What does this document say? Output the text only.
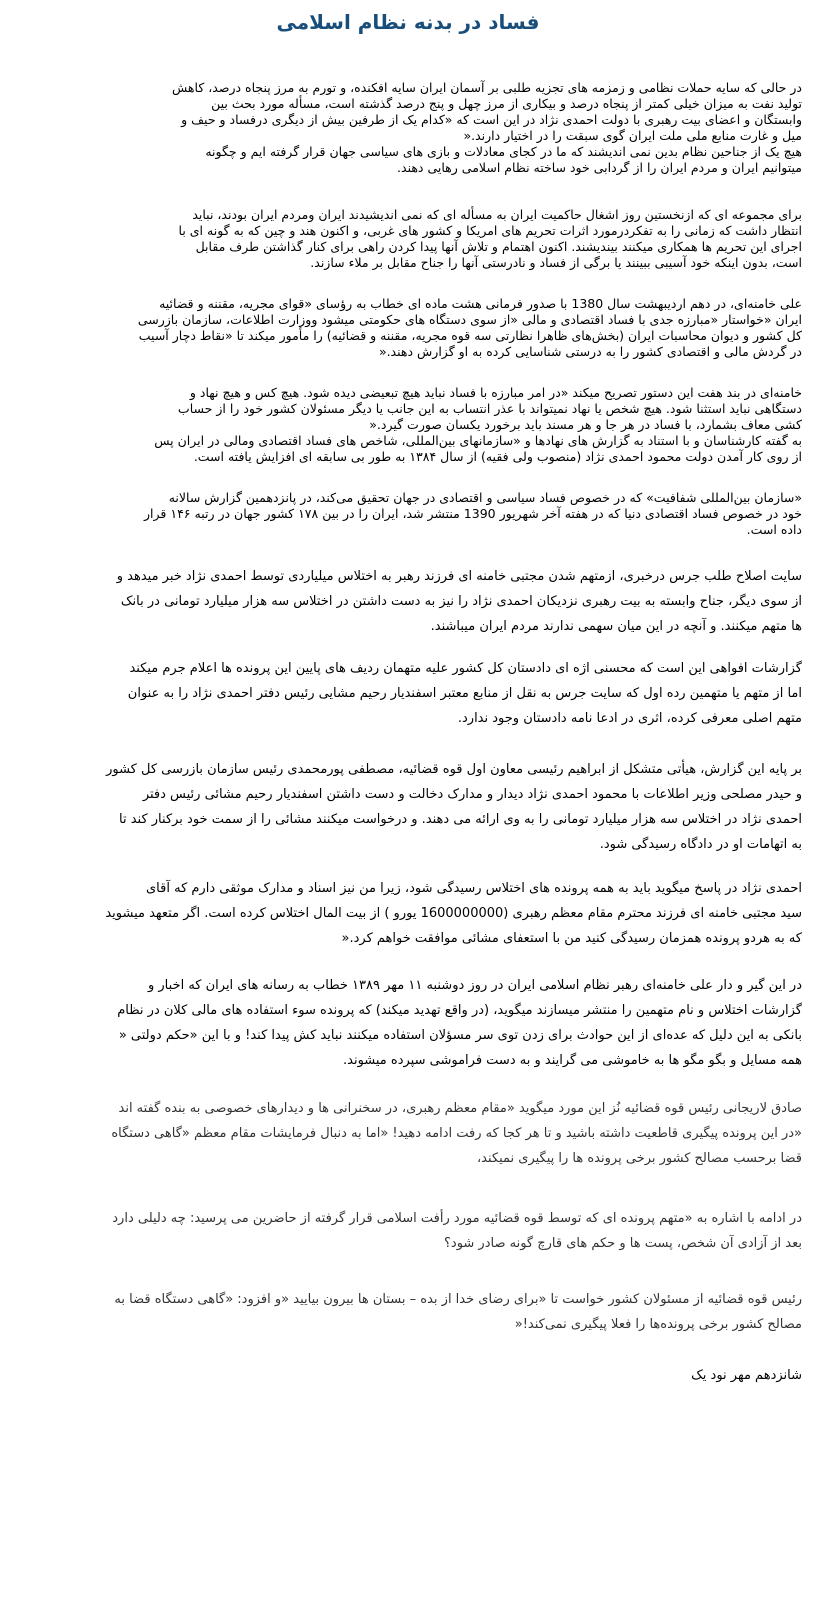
فساد در بدنه نظام اسلامی

در حالی که سایه حملات نظامی و زمزمه های تجزیه طلبی بر آسمان ایران سایه افکنده، و تورم به مرز پنجاه درصد، کاهش
تولید نفت به میزان خیلی کمتر از پنجاه درصد و بیکاری از مرز چهل و پنج درصد گذشته است، مسأله مورد بحث بین
وابستگان و اعضای بیت رهبری با دولت احمدی نژاد در این است که «کدام یک از طرفین بیش از دیگری درفساد و حیف و
میل و غارت منابع ملی ملت ایران گوی سبقت را در اختیار دارند.«
هیچ یک از جناحین نظام بدین نمی اندیشند که ما در کجای معادلات و بازی های سیاسی جهان قرار گرفته ایم و چگونه
میتوانیم ایران و مردم ایران را از گردابی خود ساخته نظام اسلامی رهایی دهند.

برای مجموعه ای که ازنخستین روز اشغال حاکمیت ایران به مسأله ای که نمی اندیشیدند ایران ومردم ایران بودند، نباید
انتظار داشت که زمانی را به تفکردرمورد اثرات تحریم های امریکا و کشور های غربی، و اکنون هند و چین که به گونه ای با
اجرای این تحریم ها همکاری میکنند بیندیشند. اکنون اهتمام و تلاش آنها پیدا کردن راهی برای کنار گذاشتن طرف مقابل
است، بدون اینکه خود آسیبی ببینند یا برگی از فساد و نادرستی آنها را جناح مقابل بر ملاء سازند.

علی خامنه‌ای، در دهم اردیبهشت سال 1380 با صدور فرمانی هشت ماده ای خطاب به رؤسای «قوای مجریه، مقننه و قضائیه
ایران «خواستار «مبارزه جدی با فساد اقتصادی و مالی «از سوی دستگاه های حکومتی میشود ووزارت اطلاعات، سازمان بازرسی
کل کشور و دیوان محاسبات ایران (بخش‌های ظاهرا نظارتی سه قوه مجریه، مقننه و قضائیه) را مأمور میکند تا «نقاط دچار آسیب
در گردش مالی و اقتصادی کشور را به درستی شناسایی کرده به او گزارش دهند.«

خامنه‌ای در بند هفت این دستور تصریح میکند «در امر مبارزه با فساد نباید هیچ تبعیضی دیده شود. هیچ کس و هیچ نهاد و
دستگاهی نباید استثنا شود. هیچ شخص یا نهاد نمیتواند با عذر انتساب به این جانب یا دیگر مسئولان کشور خود را از حساب
کشی معاف بشمارد، با فساد در هر جا و هر مسند باید برخورد یکسان صورت گیرد.«
به گفته کارشناسان و با استناد به گزارش های نهادها و «سازمانهای بین‌المللی، شاخص های فساد اقتصادی ومالی در ایران پس
از روی کار آمدن دولت محمود احمدی نژاد (منصوب ولی فقیه) از سال ۱۳۸۴ به طور بی سابقه ای افزایش یافته است.

«سازمان بین‌المللی شفافیت» که در خصوص فساد سیاسی و اقتصادی در جهان تحقیق می‌کند، در پانزدهمین گزارش سالانه
خود در خصوص فساد اقتصادی دنیا که در هفته آخر شهریور 1390 منتشر شد، ایران را در بین ۱۷۸ کشور جهان در رتبه ۱۴۶ قرار
داده است.

سایت اصلاح طلب جرس درخبری، ازمتهم شدن مجتبی خامنه ای فرزند رهبر به اختلاس میلیاردی توسط احمدی نژاد خبر میدهد و
از سوی دیگر، جناح وابسته به بیت رهبری نزدیکان احمدی نژاد را نیز به دست داشتن در اختلاس سه هزار میلیارد تومانی در بانک
ها متهم میکنند. و آنچه در این میان سهمی ندارند مردم ایران میباشند.

گزارشات افواهی این است که محسنی اژه ای دادستان کل کشور علیه متهمان ردیف های پایین این پرونده ها اعلام جرم میکند
اما از متهم یا متهمین رده اول که سایت جرس به نقل از منابع معتبر اسفندیار رحیم مشایی رئیس دفتر احمدی نژاد را به عنوان
متهم اصلی معرفی کرده، اثری در ادعا نامه دادستان وجود ندارد.

بر پایه این گزارش، هیأتی متشکل از ابراهیم رئیسی معاون اول قوه قضائیه، مصطفی پورمحمدی رئیس سازمان بازرسی کل کشور
و حیدر مصلحی وزیر اطلاعات با محمود احمدی نژاد دیدار و مدارک دخالت و دست داشتن اسفندیار رحیم مشائی رئیس دفتر
احمدی نژاد در اختلاس سه هزار میلیارد تومانی را به وی ارائه می دهند. و درخواست میکنند مشائی را از سمت خود برکنار کند تا
به اتهامات او در دادگاه رسیدگی شود.

احمدی نژاد در پاسخ میگوید باید به همه پرونده های اختلاس رسیدگی شود، زیرا من نیز اسناد و مدارک موثقی دارم که آقای
سید مجتبی خامنه ای فرزند محترم مقام معظم رهبری (1600000000 یورو ) از بیت المال اختلاس کرده است. اگر متعهد میشوید
که به هردو پرونده همزمان رسیدگی کنید من با استعفای مشائی موافقت خواهم کرد.«

در این گیر و دار علی خامنه‌ای رهبر نظام اسلامی ایران در روز دوشنبه ۱۱ مهر ۱۳۸۹ خطاب به رسانه های ایران که اخبار و
گزارشات اختلاس و نام متهمین را منتشر میسازند میگوید، (در واقع تهدید میکند) که پرونده سوء استفاده های مالی کلان در نظام
بانکی به این دلیل که عده‌ای از این حوادث برای زدن توی سر مسؤلان استفاده میکنند نباید کش پیدا کند! و با این «حکم دولتی «
همه مسایل و بگو مگو ها به خاموشی می گرایند و به دست فراموشی سپرده میشوند.

صادق لاریجانی رئیس قوه قضائیه نُز این مورد میگوید «مقام معظم رهبری، در سخنرانی ها و دیدارهای خصوصی به بنده گفته اند
«در این پرونده پیگیری قاطعیت داشته باشید و تا هر کجا که رفت ادامه دهید! «اما به دنبال فرمایشات مقام معظم «گاهی دستگاه
قضا برحسب مصالح کشور برخی پرونده ها را پیگیری نمیکند،

در ادامه با اشاره به «متهم پرونده ای که توسط قوه قضائیه مورد رأفت اسلامی قرار گرفته از حاضرین می پرسید: چه دلیلی دارد
بعد از آزادی آن شخص، پست ها و حکم های قارچ گونه صادر شود؟

رئیس قوه قضائیه از مسئولان کشور خواست تا «برای رضای خدا از بده – بستان ها بیرون بیایید «و افزود: «گاهی دستگاه قضا به
مصالح کشور برخی پرونده‌ها را فعلا پیگیری نمی‌کند!«

شانزدهم مهر نود یک
